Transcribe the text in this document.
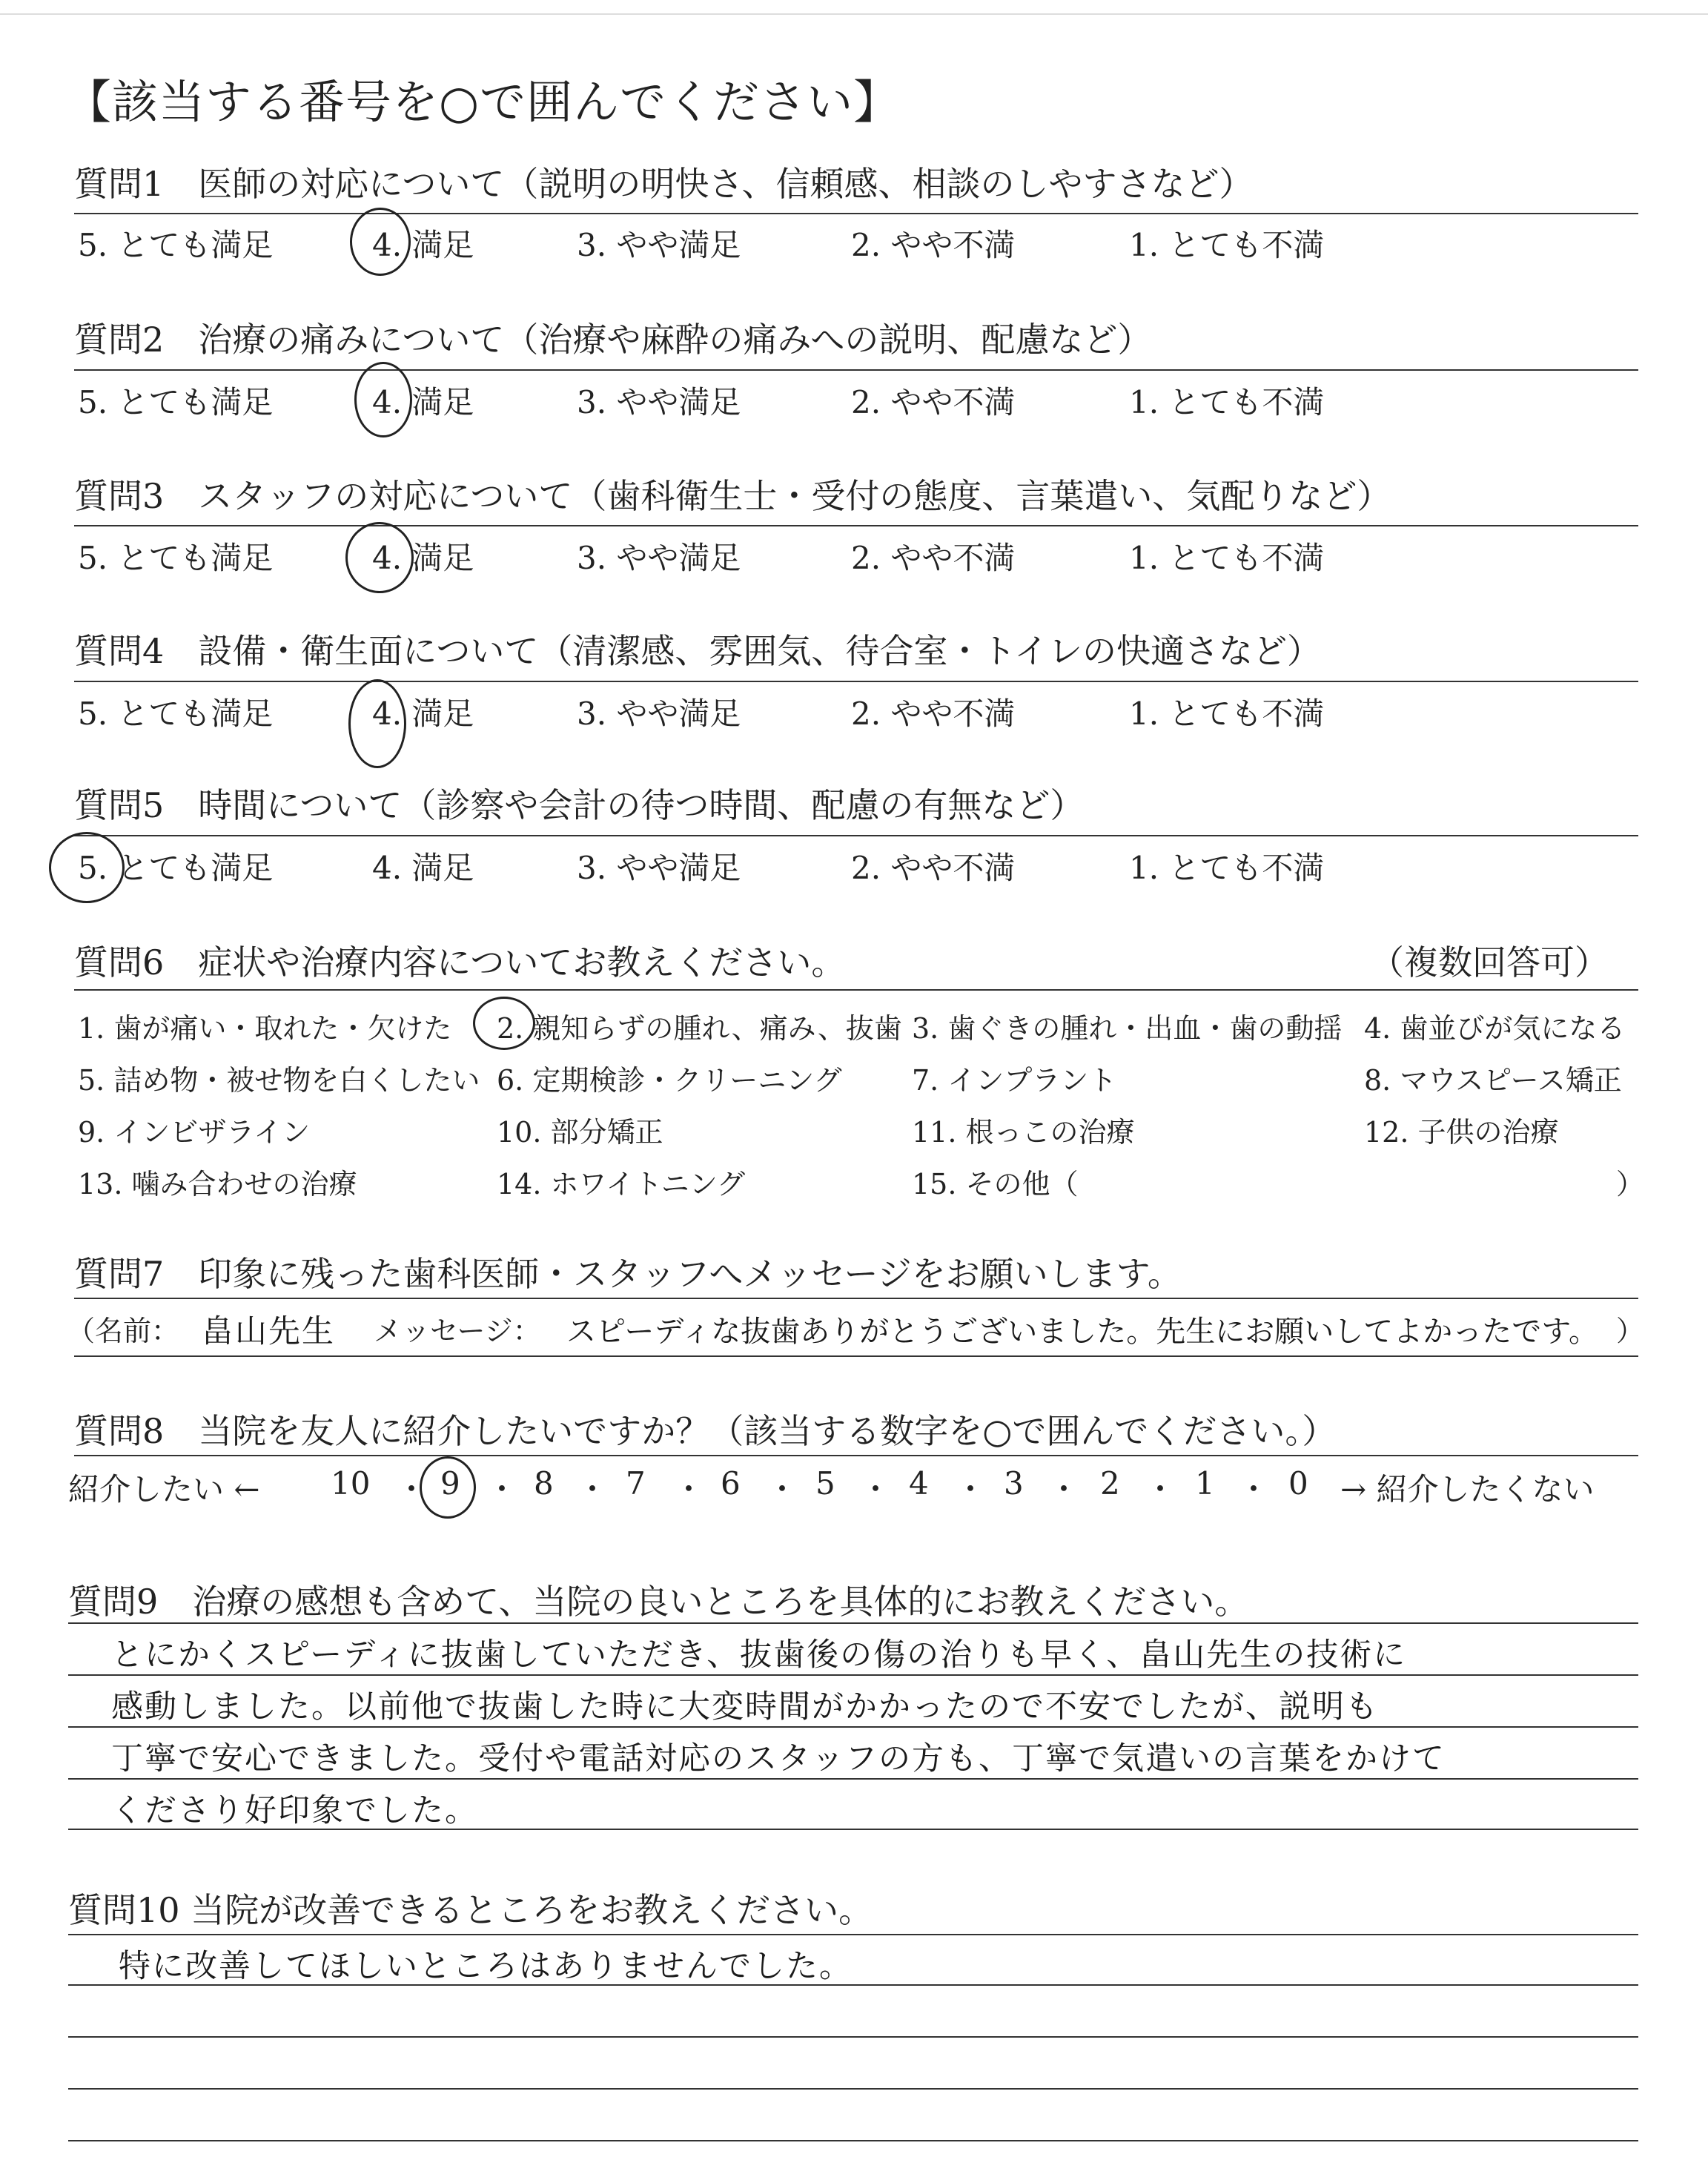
【該当する番号を○で囲んでください】
質問1　医師の対応について（説明の明快さ、信頼感、相談のしやすさなど）
5. とても満足	4. 満足	3. やや満足	2. やや不満	1. とても不満
質問2　治療の痛みについて（治療や麻酔の痛みへの説明、配慮など）
5. とても満足	4. 満足	3. やや満足	2. やや不満	1. とても不満
質問3　スタッフの対応について（歯科衛生士・受付の態度、言葉遣い、気配りなど）
5. とても満足	4. 満足	3. やや満足	2. やや不満	1. とても不満
質問4　設備・衛生面について（清潔感、雰囲気、待合室・トイレの快適さなど）
5. とても満足	4. 満足	3. やや満足	2. やや不満	1. とても不満
質問5　時間について（診察や会計の待つ時間、配慮の有無など）
5. とても満足	4. 満足	3. やや満足	2. やや不満	1. とても不満
質問6　症状や治療内容についてお教えください。	（複数回答可）
1. 歯が痛い・取れた・欠けた 2. 親知らずの腫れ、痛み、抜歯 3. 歯ぐきの腫れ・出血・歯の動揺 4. 歯並びが気になる
5. 詰め物・被せ物を白くしたい 6. 定期検診・クリーニング 7. インプラント	8. マウスピース矯正
9. インビザライン	10. 部分矯正	11. 根っこの治療	12. 子供の治療
13. 噛み合わせの治療	14. ホワイトニング	15. その他（	）
質問7　印象に残った歯科医師・スタッフへメッセージをお願いします。
（名前： 畠山先生 メッセージ： スピーディな抜歯ありがとうございました。先生にお願いしてよかったです。 ）
質問8　当院を友人に紹介したいですか？（該当する数字を○で囲んでください。）
紹介したい ← 10 ・ 9 ・ 8 ・ 7 ・ 6 ・ 5 ・ 4 ・ 3 ・ 2 ・ 1 ・ 0 → 紹介したくない
質問9　治療の感想も含めて、当院の良いところを具体的にお教えください。
とにかくスピーディに抜歯していただき、抜歯後の傷の治りも早く、畠山先生の技術に
感動しました。以前他で抜歯した時に大変時間がかかったので不安でしたが、説明も
丁寧で安心できました。受付や電話対応のスタッフの方も、丁寧で気遣いの言葉をかけて
くださり好印象でした。
質問10 当院が改善できるところをお教えください。
特に改善してほしいところはありませんでした。
